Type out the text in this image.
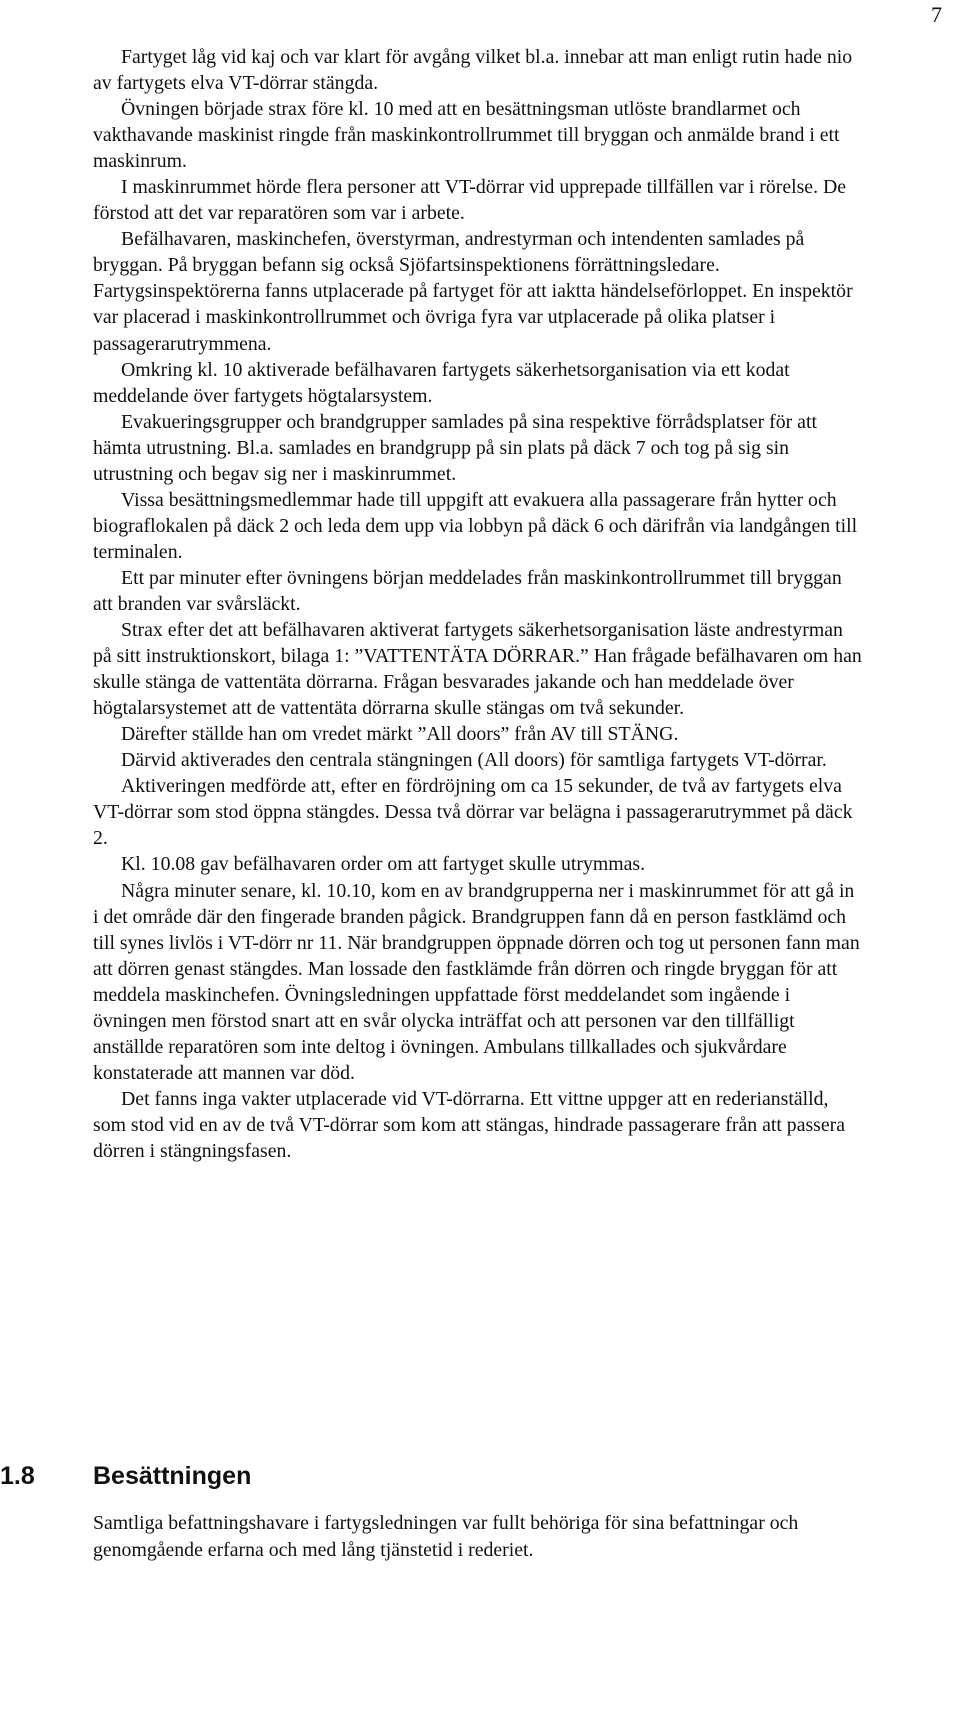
7

Fartyget låg vid kaj och var klart för avgång vilket bl.a. innebar att man enligt rutin hade nio av fartygets elva VT-dörrar stängda.

Övningen började strax före kl. 10 med att en besättningsman utlöste brandlarmet och vakthavande maskinist ringde från maskinkontrollrummet till bryggan och anmälde brand i ett maskinrum.

I maskinrummet hörde flera personer att VT-dörrar vid upprepade tillfällen var i rörelse. De förstod att det var reparatören som var i arbete.

Befälhavaren, maskinchefen, överstyrman, andrestyrman och intendenten samlades på bryggan. På bryggan befann sig också Sjöfartsinspektionens förrättningsledare. Fartygsinspektörerna fanns utplacerade på fartyget för att iaktta händelseförloppet. En inspektör var placerad i maskinkontrollrummet och övriga fyra var utplacerade på olika platser i passagerarutrymmena.

Omkring kl. 10 aktiverade befälhavaren fartygets säkerhetsorganisation via ett kodat meddelande över fartygets högtalarsystem.

Evakueringsgrupper och brandgrupper samlades på sina respektive förrådsplatser för att hämta utrustning. Bl.a. samlades en brandgrupp på sin plats på däck 7 och tog på sig sin utrustning och begav sig ner i maskinrummet.

Vissa besättningsmedlemmar hade till uppgift att evakuera alla passagerare från hytter och biograflokalen på däck 2 och leda dem upp via lobbyn på däck 6 och därifrån via landgången till terminalen.

Ett par minuter efter övningens början meddelades från maskinkontrollrummet till bryggan att branden var svårsläckt.

Strax efter det att befälhavaren aktiverat fartygets säkerhetsorganisation läste andrestyrman på sitt instruktionskort, bilaga 1: ”VATTENTÄTA DÖRRAR.” Han frågade befälhavaren om han skulle stänga de vattentäta dörrarna. Frågan besvarades jakande och han meddelade över högtalarsystemet att de vattentäta dörrarna skulle stängas om två sekunder.

Därefter ställde han om vredet märkt ”All doors” från AV till STÄNG.

Därvid aktiverades den centrala stängningen (All doors) för samtliga fartygets VT-dörrar.

Aktiveringen medförde att, efter en fördröjning om ca 15 sekunder, de två av fartygets elva VT-dörrar som stod öppna stängdes. Dessa två dörrar var belägna i passagerarutrymmet på däck 2.

Kl. 10.08 gav befälhavaren order om att fartyget skulle utrymmas.

Några minuter senare, kl. 10.10, kom en av brandgrupperna ner i maskinrummet för att gå in i det område där den fingerade branden pågick. Brandgruppen fann då en person fastklämd och till synes livlös i VT-dörr nr 11. När brandgruppen öppnade dörren och tog ut personen fann man att dörren genast stängdes. Man lossade den fastklämde från dörren och ringde bryggan för att meddela maskinchefen. Övningsledningen uppfattade först meddelandet som ingående i övningen men förstod snart att en svår olycka inträffat och att personen var den tillfälligt anställde reparatören som inte deltog i övningen. Ambulans tillkallades och sjukvårdare konstaterade att mannen var död.

Det fanns inga vakter utplacerade vid VT-dörrarna. Ett vittne uppger att en rederianställd, som stod vid en av de två VT-dörrar som kom att stängas, hindrade passagerare från att passera dörren i stängningsfasen.

1.8 Besättningen

Samtliga befattningshavare i fartygsledningen var fullt behöriga för sina befattningar och genomgående erfarna och med lång tjänstetid i rederiet.
